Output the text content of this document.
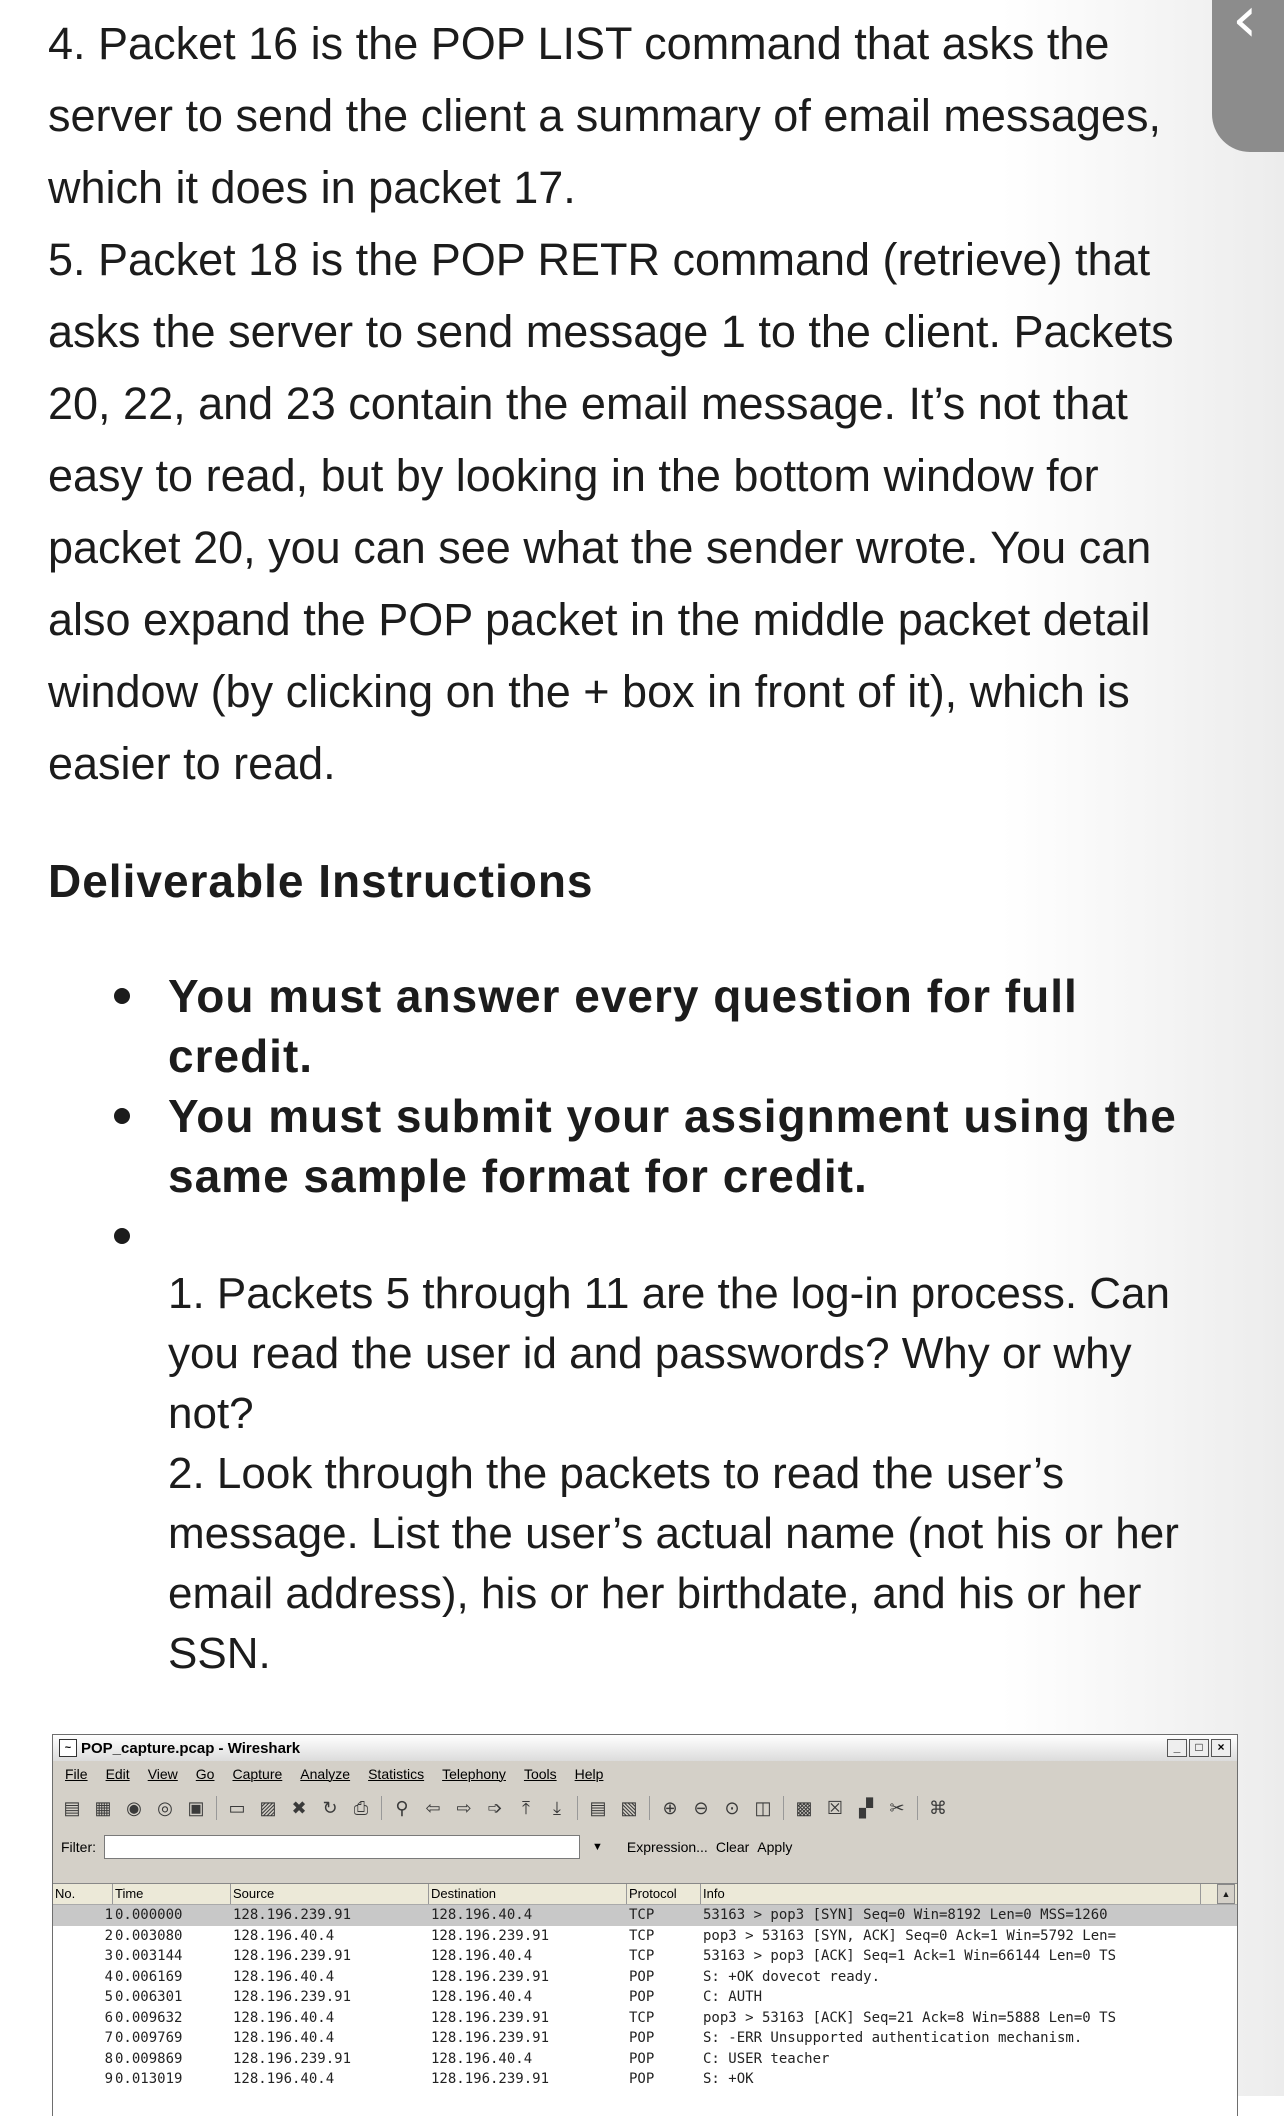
‹

4. Packet 16 is the POP LIST command that asks the
server to send the client a summary of email messages,
which it does in packet 17.

5. Packet 18 is the POP RETR command (retrieve) that
asks the server to send message 1 to the client. Packets
20, 22, and 23 contain the email message. It’s not that
easy to read, but by looking in the bottom window for
packet 20, you can see what the sender wrote. You can
also expand the POP packet in the middle packet detail
window (by clicking on the + box in front of it), which is
easier to read.

Deliverable Instructions
You must answer every question for full
credit.
You must submit your assignment using the
same sample format for credit.
1. Packets 5 through 11 are the log-in process. Can
you read the user id and passwords? Why or why
not?
2. Look through the packets to read the user’s
message. List the user’s actual name (not his or her
email address), his or her birthdate, and his or her
SSN.
~ POP_capture.pcap - Wireshark	_	□	×
File Edit View Go Capture Analyze Statistics Telephony Tools Help
▤ ▦ ◉ ◎ ▣ ▭ ▨ ✖ ↻ ⎙ ⚲ ⇦ ⇨ ➩	⤒	⤓	▤ ▧ ⊕ ⊖ ⊙ ◫ ▩ ☒ ▞ ✂ ⌘
Filter:	▼ Expression... Clear Apply
No.	Time	Source	Destination	Protocol	Info
1 0.000000	128.196.239.91	128.196.40.4	TCP	53163 > pop3 [SYN] Seq=0 Win=8192 Len=0 MSS=1260
2 0.003080	128.196.40.4	128.196.239.91	TCP	pop3 > 53163 [SYN, ACK] Seq=0 Ack=1 Win=5792 Len=
3 0.003144	128.196.239.91	128.196.40.4	TCP	53163 > pop3 [ACK] Seq=1 Ack=1 Win=66144 Len=0 TS
4 0.006169	128.196.40.4	128.196.239.91	POP	S: +OK dovecot ready.
5 0.006301	128.196.239.91	128.196.40.4	POP	C: AUTH
6 0.009632	128.196.40.4	128.196.239.91	TCP	pop3 > 53163 [ACK] Seq=21 Ack=8 Win=5888 Len=0 TS
7 0.009769	128.196.40.4	128.196.239.91	POP	S: -ERR Unsupported authentication mechanism.
8 0.009869	128.196.239.91	128.196.40.4	POP	C: USER teacher
9 0.013019	128.196.40.4	128.196.239.91	POP	S: +OK
▲
